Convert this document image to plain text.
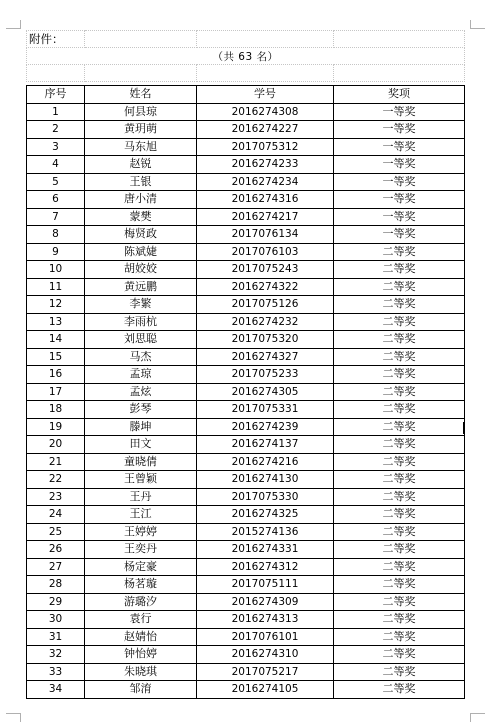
附件：			
（共 63 名）			

序号	姓名	学号	奖项
1	何县琼	2016274308	一等奖
2	黄玥萌	2016274227	一等奖
3	马东旭	2017075312	一等奖
4	赵锐	2016274233	一等奖
5	王银	2016274234	一等奖
6	唐小清	2016274316	一等奖
7	蒙樊	2016274217	一等奖
8	梅贤政	2017076134	一等奖
9	陈斌婕	2017076103	二等奖
10	胡姣姣	2017075243	二等奖
11	黄远鹏	2016274322	二等奖
12	李繁	2017075126	二等奖
13	李雨杭	2016274232	二等奖
14	刘思聪	2017075320	二等奖
15	马杰	2016274327	二等奖
16	孟琼	2017075233	二等奖
17	孟炫	2016274305	二等奖
18	彭琴	2017075331	二等奖
19	滕坤	2016274239	二等奖
20	田文	2016274137	二等奖
21	童晓倩	2016274216	二等奖
22	王曾颖	2016274130	二等奖
23	王丹	2017075330	二等奖
24	王江	2016274325	二等奖
25	王婷婷	2015274136	二等奖
26	王奕丹	2016274331	二等奖
27	杨定豪	2016274312	二等奖
28	杨茗璇	2017075111	二等奖
29	游璐汐	2016274309	二等奖
30	袁行	2016274313	二等奖
31	赵婧怡	2017076101	二等奖
32	钟怡婷	2016274310	二等奖
33	朱晓琪	2017075217	二等奖
34	邹淯	2016274105	二等奖
